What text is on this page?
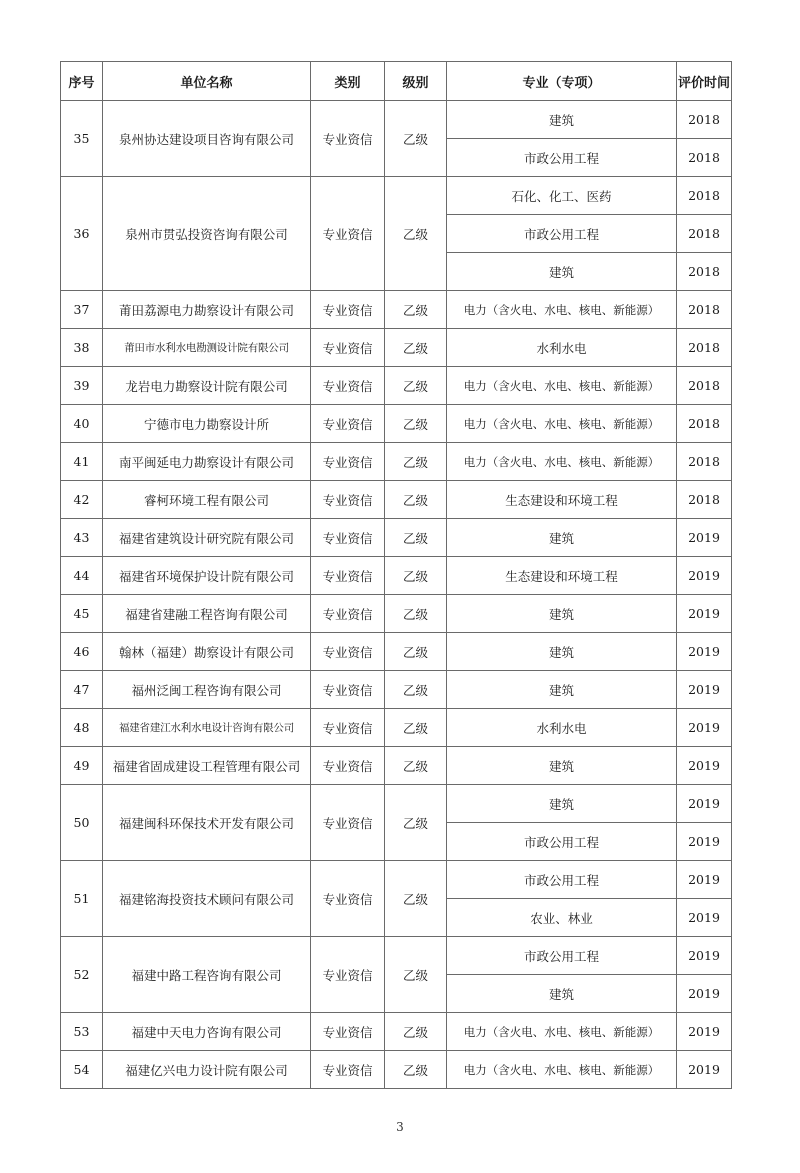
序号	单位名称	类别	级别	专业（专项）	评价时间
35	泉州协达建设项目咨询有限公司	专业资信	乙级	建筑	2018
				市政公用工程	2018
36	泉州市贯弘投资咨询有限公司	专业资信	乙级	石化、化工、医药	2018
				市政公用工程	2018
				建筑	2018
37	莆田荔源电力勘察设计有限公司	专业资信	乙级	电力（含火电、水电、核电、新能源）	2018
38	莆田市水利水电勘测设计院有限公司	专业资信	乙级	水利水电	2018
39	龙岩电力勘察设计院有限公司	专业资信	乙级	电力（含火电、水电、核电、新能源）	2018
40	宁德市电力勘察设计所	专业资信	乙级	电力（含火电、水电、核电、新能源）	2018
41	南平闽延电力勘察设计有限公司	专业资信	乙级	电力（含火电、水电、核电、新能源）	2018
42	睿柯环境工程有限公司	专业资信	乙级	生态建设和环境工程	2018
43	福建省建筑设计研究院有限公司	专业资信	乙级	建筑	2019
44	福建省环境保护设计院有限公司	专业资信	乙级	生态建设和环境工程	2019
45	福建省建融工程咨询有限公司	专业资信	乙级	建筑	2019
46	翰林（福建）勘察设计有限公司	专业资信	乙级	建筑	2019
47	福州泛闽工程咨询有限公司	专业资信	乙级	建筑	2019
48	福建省建江水利水电设计咨询有限公司	专业资信	乙级	水利水电	2019
49	福建省固成建设工程管理有限公司	专业资信	乙级	建筑	2019
50	福建闽科环保技术开发有限公司	专业资信	乙级	建筑	2019
				市政公用工程	2019
51	福建铭海投资技术顾问有限公司	专业资信	乙级	市政公用工程	2019
				农业、林业	2019
52	福建中路工程咨询有限公司	专业资信	乙级	市政公用工程	2019
				建筑	2019
53	福建中天电力咨询有限公司	专业资信	乙级	电力（含火电、水电、核电、新能源）	2019
54	福建亿兴电力设计院有限公司	专业资信	乙级	电力（含火电、水电、核电、新能源）	2019
3
